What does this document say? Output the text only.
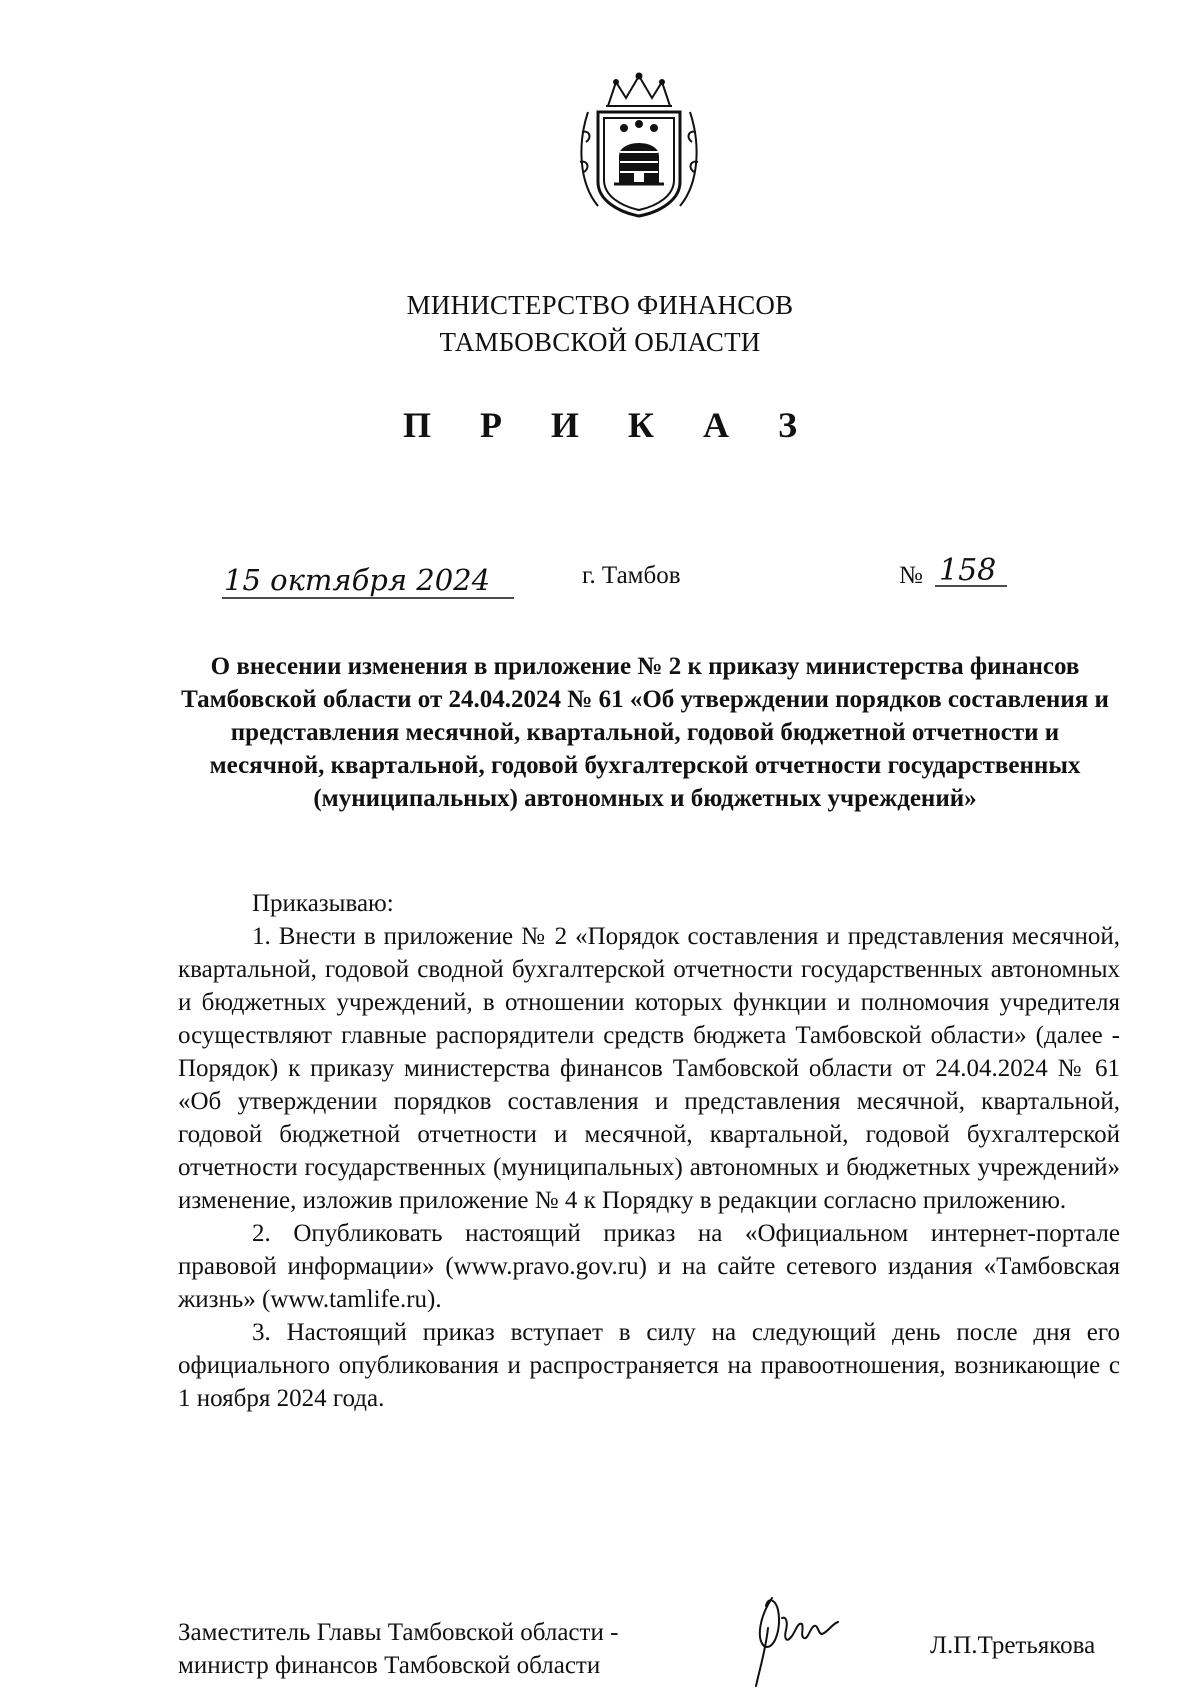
МИНИСТЕРСТВО ФИНАНСОВ
ТАМБОВСКОЙ ОБЛАСТИ
П Р И К А З
15 октября 2024	г. Тамбов	№ 158
О внесении изменения в приложение № 2 к приказу министерства финансов Тамбовской области от 24.04.2024 № 61 «Об утверждении порядков составления и представления месячной, квартальной, годовой бюджетной отчетности и месячной, квартальной, годовой бухгалтерской отчетности государственных (муниципальных) автономных и бюджетных учреждений»

Приказываю:

1. Внести в приложение № 2 «Порядок составления и представления месячной, квартальной, годовой сводной бухгалтерской отчетности государственных автономных и бюджетных учреждений, в отношении которых функции и полномочия учредителя осуществляют главные распорядители средств бюджета Тамбовской области» (далее - Порядок) к приказу министерства финансов Тамбовской области от 24.04.2024 № 61 «Об утверждении порядков составления и представления месячной, квартальной, годовой бюджетной отчетности и месячной, квартальной, годовой бухгалтерской отчетности государственных (муниципальных) автономных и бюджетных учреждений» изменение, изложив приложение № 4 к Порядку в редакции согласно приложению.

2. Опубликовать настоящий приказ на «Официальном интернет-портале правовой информации» (www.pravo.gov.ru) и на сайте сетевого издания «Тамбовская жизнь» (www.tamlife.ru).

3. Настоящий приказ вступает в силу на следующий день после дня его официального опубликования и распространяется на правоотношения, возникающие с 1 ноября 2024 года.

Заместитель Главы Тамбовской области -
министр финансов Тамбовской области
Л.П.Третьякова
